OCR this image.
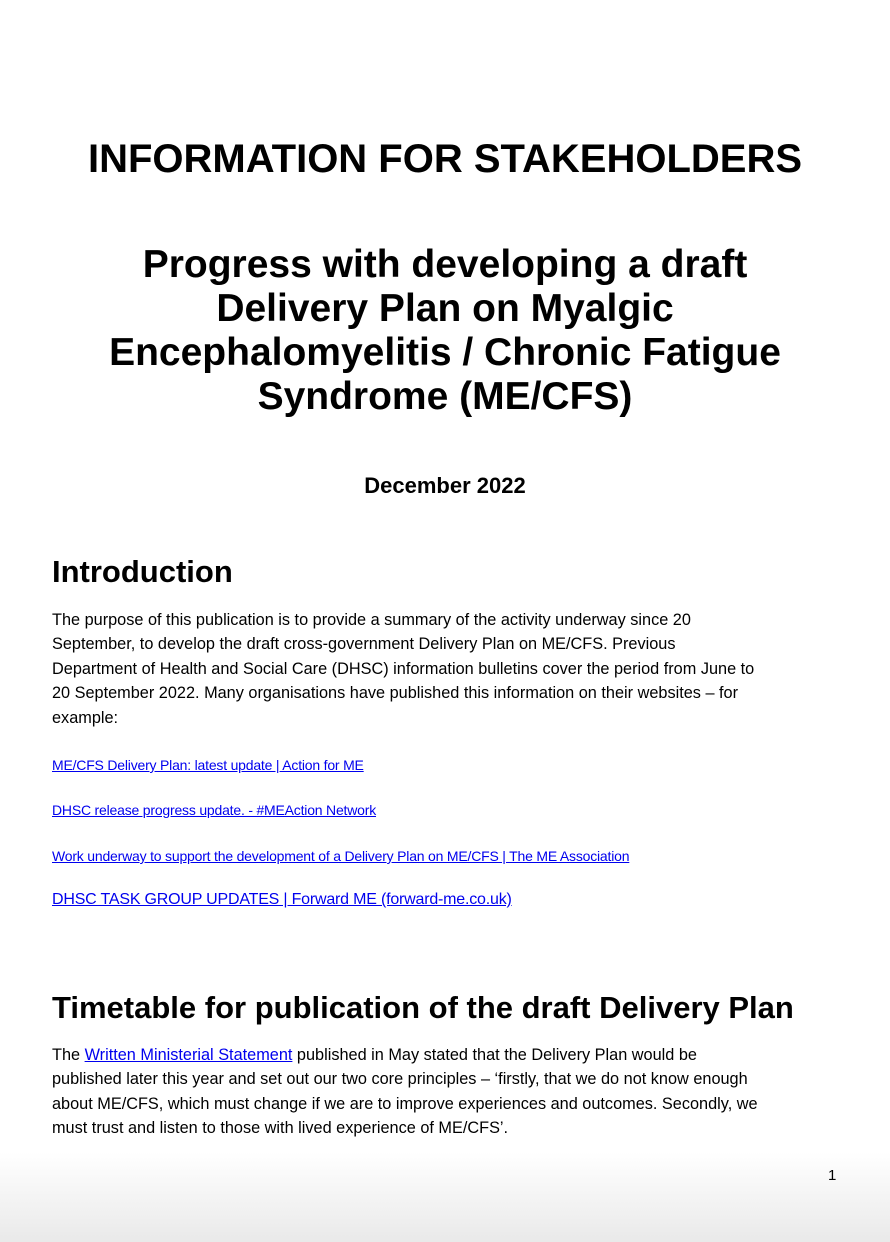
INFORMATION FOR STAKEHOLDERS
Progress with developing a draft
Delivery Plan on Myalgic
Encephalomyelitis / Chronic Fatigue
Syndrome (ME/CFS)
December 2022
Introduction
The purpose of this publication is to provide a summary of the activity underway since 20
September, to develop the draft cross-government Delivery Plan on ME/CFS. Previous
Department of Health and Social Care (DHSC) information bulletins cover the period from June to
20 September 2022. Many organisations have published this information on their websites – for
example:
ME/CFS Delivery Plan: latest update | Action for ME
DHSC release progress update. - #MEAction Network
Work underway to support the development of a Delivery Plan on ME/CFS | The ME Association
DHSC TASK GROUP UPDATES | Forward ME (forward-me.co.uk)
Timetable for publication of the draft Delivery Plan
The Written Ministerial Statement published in May stated that the Delivery Plan would be
published later this year and set out our two core principles – ‘firstly, that we do not know enough
about ME/CFS, which must change if we are to improve experiences and outcomes. Secondly, we
must trust and listen to those with lived experience of ME/CFS’.
1
